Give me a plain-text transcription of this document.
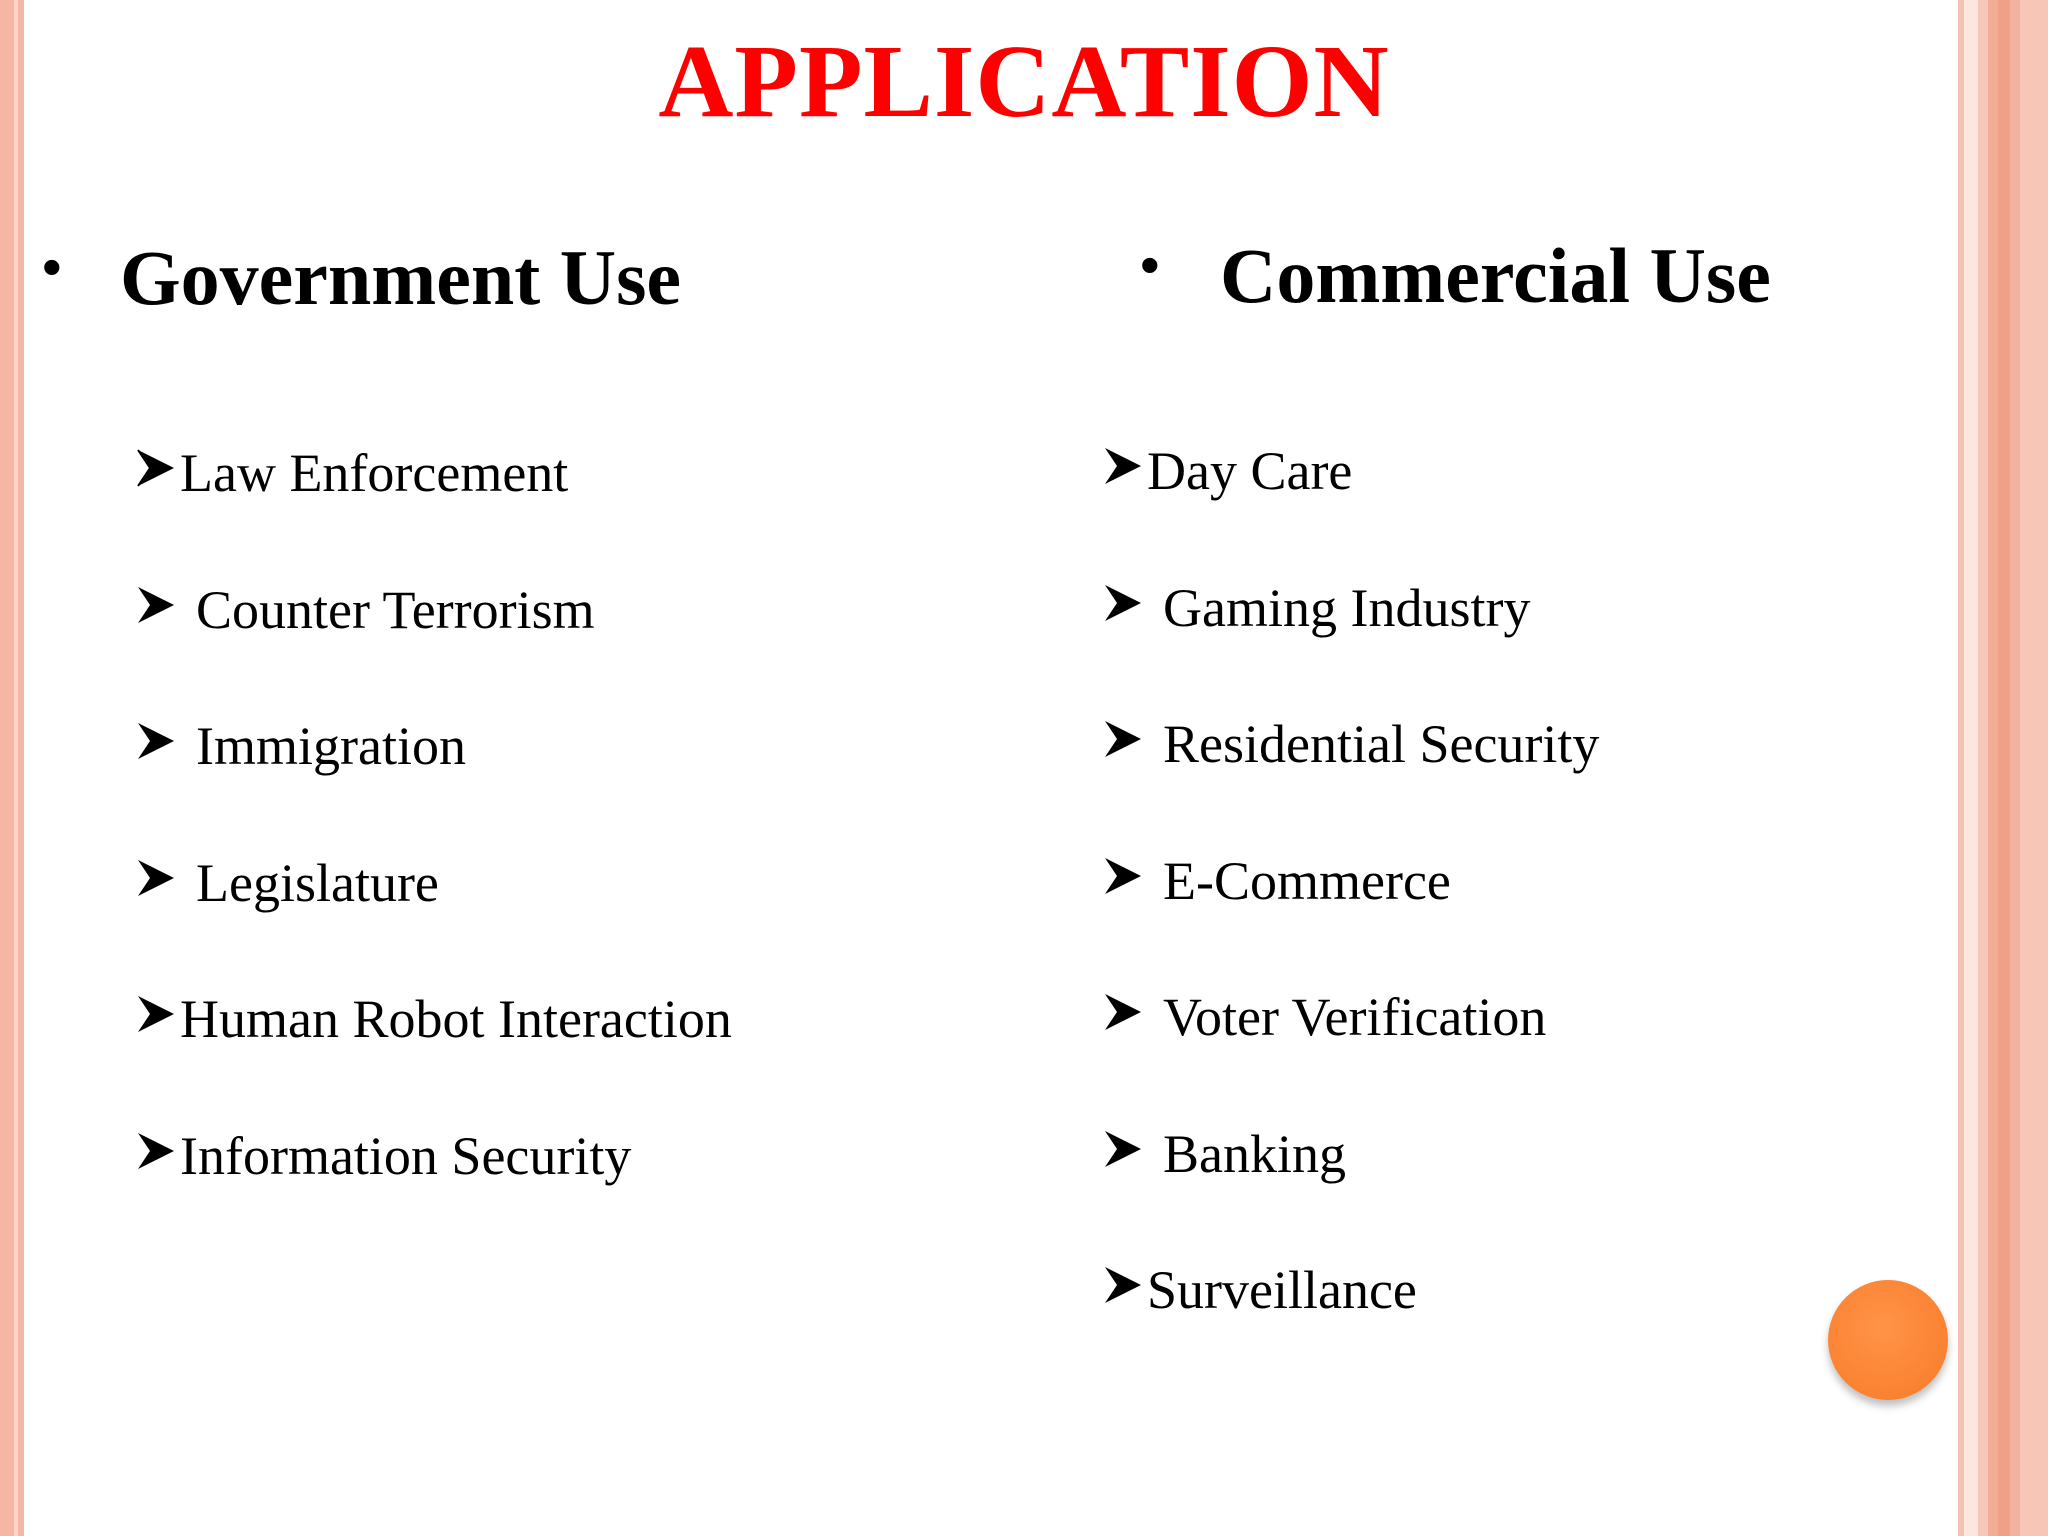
APPLICATION
• Government Use	• Commercial Use
Law Enforcement
Counter Terrorism
Immigration
Legislature
Human Robot Interaction
Information Security
Day Care
Gaming Industry
Residential Security
E-Commerce
Voter Verification
Banking
Surveillance
